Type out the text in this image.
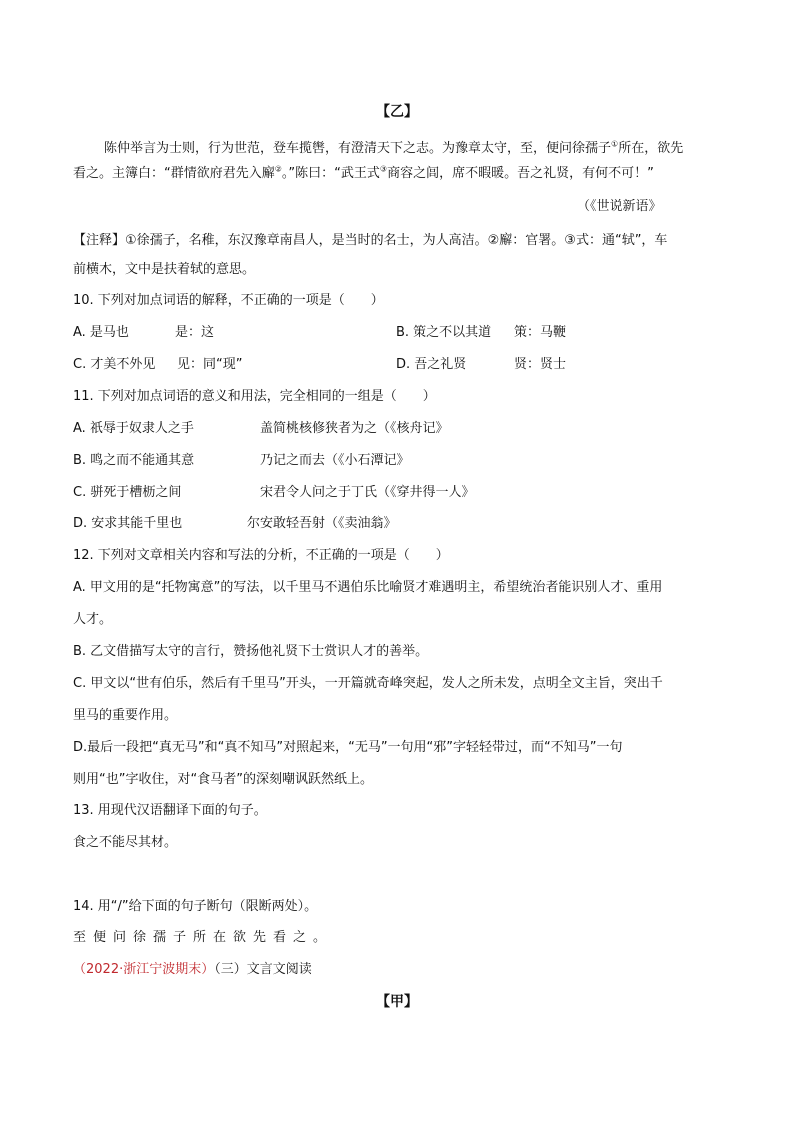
【乙】
陈仲举言为士则，行为世范，登车揽辔，有澄清天下之志。为豫章太守，至，便问徐孺子①所在，欲先
看之。主簿白：“群情欲府君先入廨②。”陈曰：“武王式③商容之闾，席不暇暖。吾之礼贤，有何不可！”
（《世说新语》
【注释】①徐孺子，名稚，东汉豫章南昌人，是当时的名士，为人高洁。②廨：官署。③式：通“轼”，车
前横木，文中是扶着轼的意思。
10. 下列对加点词语的解释，不正确的一项是（　　）
A. 是马也	是：这	B. 策之不以其道 策：马鞭
C. 才美不外见 见：同“现”	D. 吾之礼贤	贤：贤士
11. 下列对加点词语的意义和用法，完全相同的一组是（　　）
A. 祇辱于奴隶人之手	盖简桃核修狭者为之（《核舟记》
B. 鸣之而不能通其意	乃记之而去（《小石潭记》
C. 骈死于槽枥之间	宋君令人问之于丁氏（《穿井得一人》
D. 安求其能千里也	尔安敢轻吾射（《卖油翁》
12. 下列对文章相关内容和写法的分析，不正确的一项是（　　）
A. 甲文用的是“托物寓意”的写法，以千里马不遇伯乐比喻贤才难遇明主，希望统治者能识别人才、重用
人才。
B. 乙文借描写太守的言行，赞扬他礼贤下士赏识人才的善举。
C. 甲文以“世有伯乐，然后有千里马”开头，一开篇就奇峰突起，发人之所未发，点明全文主旨，突出千
里马的重要作用。
D.最后一段把“真无马”和“真不知马”对照起来，“无马”一句用“邪”字轻轻带过，而“不知马”一句
则用“也”字收住，对“食马者”的深刻嘲讽跃然纸上。
13. 用现代汉语翻译下面的句子。
食之不能尽其材。
14. 用“/”给下面的句子断句（限断两处）。
至便问徐孺子所在欲先看之。
（2022·浙江宁波期末）（三）文言文阅读
【甲】
